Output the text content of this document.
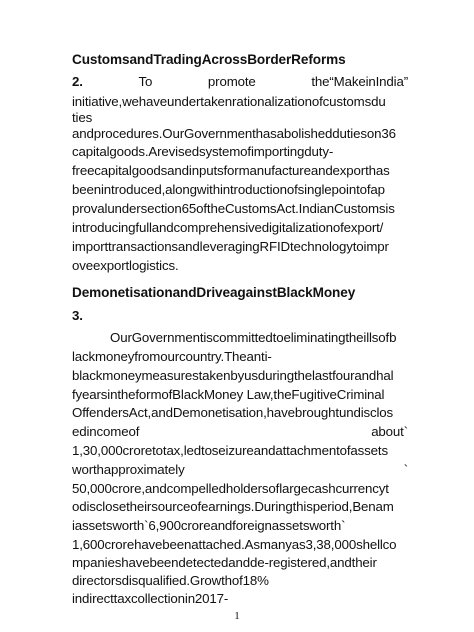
CustomsandTradingAcrossBorderReforms
2.	To	promote	the“MakeinIndia”
initiative,wehaveundertakenrationalizationofcustomsdu
ties
andprocedures.OurGovernmenthasabolisheddutieson36
capitalgoods.Arevisedsystemofimportingduty-
freecapitalgoodsandinputsformanufactureandexporthas
beenintroduced,alongwithintroductionofsinglepointofap
provalundersection65oftheCustomsAct.IndianCustomsis
introducingfullandcomprehensivedigitalizationofexport/
importtransactionsandleveragingRFIDtechnologytoimpr
oveexportlogistics.
DemonetisationandDriveagainstBlackMoney
3.
OurGovernmentiscommittedtoeliminatingtheillsofb
lackmoneyfromourcountry.Theanti-
blackmoneymeasurestakenbyusduringthelastfourandhal
fyearsintheformofBlackMoney Law,theFugitiveCriminal
OffendersAct,andDemonetisation,havebroughtundisclos
edincomeof	about`
1,30,000croretotax,ledtoseizureandattachmentofassets
worthapproximately	`
50,000crore,andcompelledholdersoflargecashcurrencyt
odisclosetheirsourceofearnings.Duringthisperiod,Benam
iassetsworth`6,900croreandforeignassetsworth`
1,600crorehavebeenattached.Asmanyas3,38,000shellco
mpanieshavebeendetectedandde-registered,andtheir
directorsdisqualified.Growthof18%
indirecttaxcollectionin2017-
1
